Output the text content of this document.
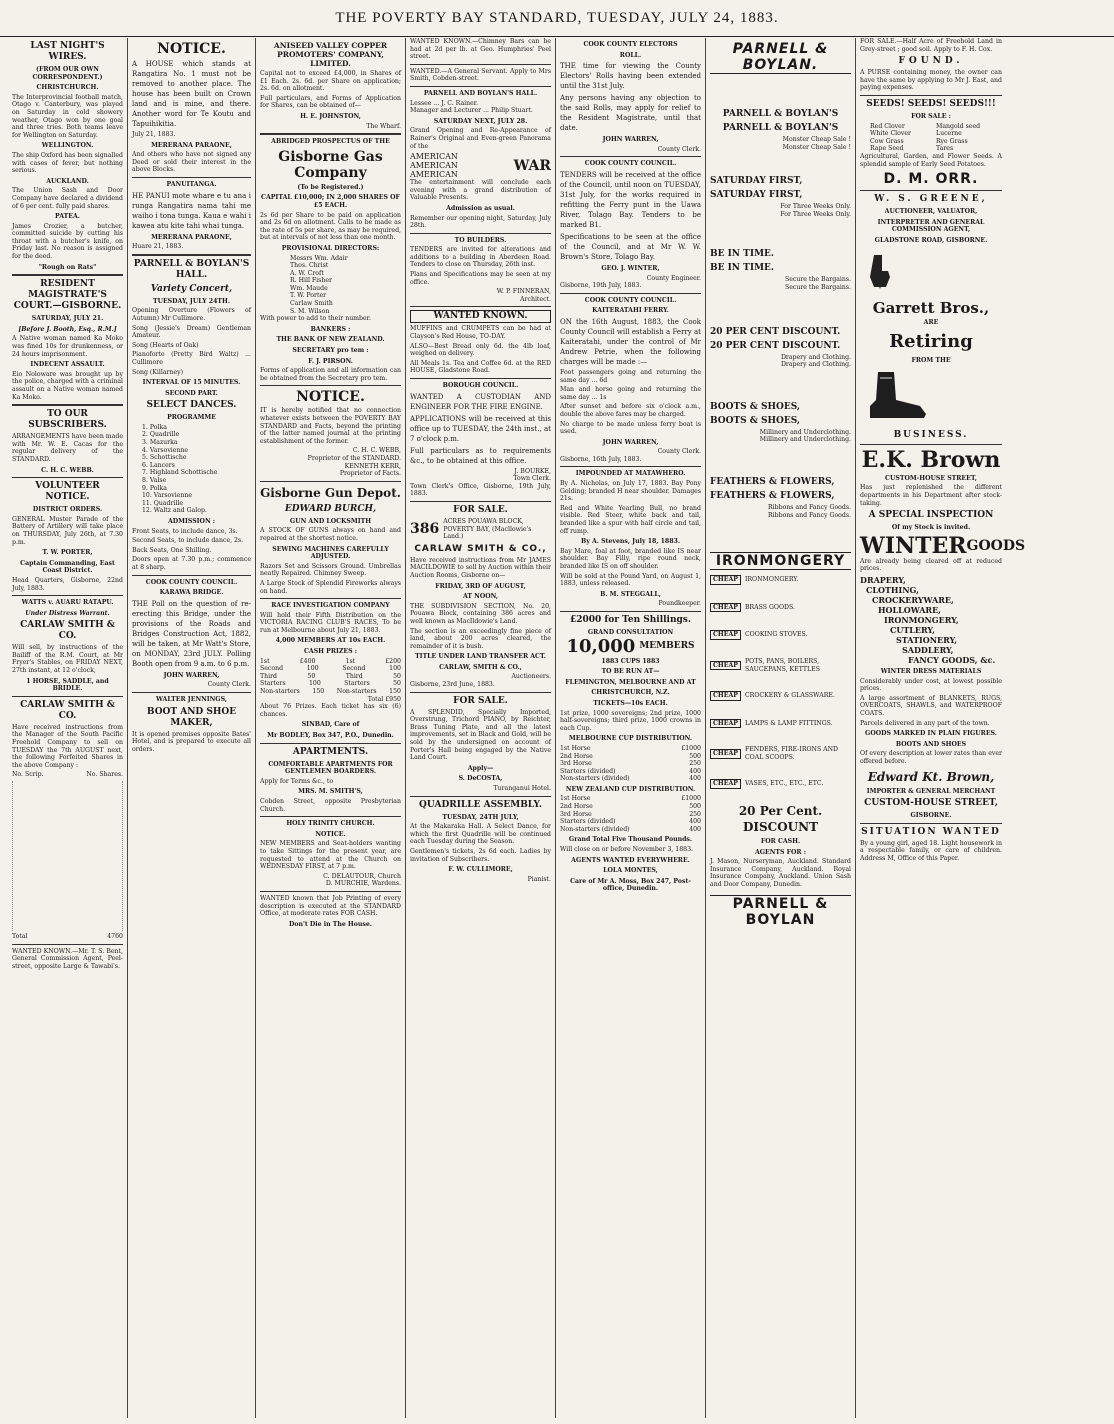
THE POVERTY BAY STANDARD, TUESDAY, JULY 24, 1883.
LAST NIGHT'S WIRES.
(FROM OUR OWN CORRESPONDENT.)
CHRISTCHURCH.

The Interprovincial football match, Otago v. Canterbury, was played on Saturday in cold showery weather, Otago won by one goal and three tries. Both teams leave for Wellington on Saturday.

WELLINGTON.

The ship Oxford has been signalled with cases of fever, but nothing serious.

AUCKLAND.

The Union Sash and Door Company have declared a dividend of 6 per cent. fully paid shares.

PATEA.

James Crozier, a butcher, committed suicide by cutting his throat with a butcher's knife, on Friday last. No reason is assigned for the deed.

"Rough on Rats"
RESIDENT MAGISTRATE'S COURT.—GISBORNE.
SATURDAY, JULY 21.
[Before J. Booth, Esq., R.M.]

A Native woman named Ka Moko was fined 10s for drunkenness, or 24 hours imprisonment.

INDECENT ASSAULT.

Eio Noloware was brought up by the police, charged with a criminal assault on a Native woman named Ka Moko.

TO OUR SUBSCRIBERS.

ARRANGEMENTS have been made with Mr. W. E. Cacas for the regular delivery of the STANDARD.

C. H. C. WEBB.
VOLUNTEER NOTICE.
DISTRICT ORDERS.

GENERAL Muster Parade of the Battery of Artillery will take place on THURSDAY, July 26th, at 7.30 p.m.

T. W. PORTER,
Captain Commanding, East Coast District.

Head Quarters, Gisborne, 22nd July, 1883.

WATTS v. AUARU RATAPU.
Under Distress Warrant.
CARLAW SMITH & CO.

Will sell, by instructions of the Bailiff of the R.M. Court, at Mr Fryer's Stables, on FRIDAY NEXT, 27th instant, at 12 o'clock,

1 HORSE, SADDLE, and BRIDLE.
CARLAW SMITH & CO.

Have received instructions from the Manager of the South Pacific Freehold Company to sell on TUESDAY the 7th AUGUST next, the following Forfeited Shares in the above Company :

No. Scrip.	No. Shares.
Total	4760

WANTED KNOWN.—Mr. T. S. Bent, General Commission Agent, Peel-street, opposite Large & Tawabi's.

NOTICE.

A HOUSE which stands at Rangatira No. 1 must not be removed to another place. The house has been built on Crown land and is mine, and there. Another word for Te Koutu and Tapuihikitia.

July 21, 1883.
MERERANA PARAONE,

And others who have not signed any Deed or sold their interest in the above Blocks.

PANUITANGA.

HE PANUI mote whare e tu ana i runga Rangatira nama tahi me waiho i tona tunga. Kaua e wahi i kawea atu kite tahi whai tunga.

MERERANA PARAONE,
Huare 21, 1883.
PARNELL & BOYLAN'S HALL.
Variety Concert,
TUESDAY, JULY 24TH.

Opening Overture (Flowers of Autumn) Mr Cullimore.

Song (Jessie's Dream) Gentleman Amateur.

Song (Hearts of Oak)

Pianoforte (Pretty Bird Waltz) ... Cullimore

Song (Killarney)

INTERVAL OF 15 MINUTES.
SECOND PART.
SELECT DANCES.
PROGRAMME
1. Polka
2. Quadrille
3. Mazurka
4. Varsovienne
5. Schottische
6. Lancers
7. Highland Schottische
8. Valse
9. Polka
10. Varsovienne
11. Quadrille
12. Waltz and Galop.
ADMISSION :

Front Seats, to include dance, 3s.

Second Seats, to include dance, 2s.

Back Seats, One Shilling.

Doors open at 7.30 p.m.; commence at 8 sharp.

COOK COUNTY COUNCIL.
KARAWA BRIDGE.

THE Poll on the question of re-erecting this Bridge, under the provisions of the Roads and Bridges Construction Act, 1882, will be taken, at Mr Watt's Store, on MONDAY, 23rd JULY. Polling Booth open from 9 a.m. to 6 p.m.

JOHN WARREN,
County Clerk.
WALTER JENNINGS,
BOOT AND SHOE MAKER,

It is opened premises opposite Bates' Hotel, and is prepared to execute all orders.

ANISEED VALLEY COPPER PROMOTERS' COMPANY, LIMITED.

Capital not to exceed £4,000, in Shares of £1 Each. 2s. 6d. per Share on application; 2s. 6d. on allotment.

Full particulars, and Forms of Application for Shares, can be obtained of—

H. E. JOHNSTON,
The Wharf.
ABRIDGED PROSPECTUS OF THE
Gisborne Gas Company
(To be Registered.)
CAPITAL £10,000; IN 2,000 SHARES OF £5 EACH.

2s 6d per Share to be paid on application and 2s 6d on allotment. Calls to be made as the rate of 5s per share, as may be required, but at intervals of not less than one month.

PROVISIONAL DIRECTORS:
Messrs Wm. Adair
Thos. Christ
A. W. Croft
R. Hill Fisher
Wm. Maude
T. W. Porter
Carlaw Smith
S. M. Wilson

With power to add to their number.

BANKERS :
THE BANK OF NEW ZEALAND.
SECRETARY pro tem :
F. J. PIRSON.

Forms of application and all information can be obtained from the Secretary pro tem.

NOTICE.

IT is hereby notified that no connection whatever exists between the POVERTY BAY STANDARD and Facts, beyond the printing of the latter named journal at the printing establishment of the former.

C. H. C. WEBB,
Proprietor of the STANDARD.
KENNETH KERR,
Proprietor of Facts.
Gisborne Gun Depot.
EDWARD BURCH,
GUN AND LOCKSMITH

A STOCK OF GUNS always on hand and repaired at the shortest notice.

SEWING MACHINES CAREFULLY ADJUSTED.

Razors Set and Scissors Ground. Umbrellas neatly Repaired. Chimney Sweep.

A Large Stock of Splendid Fireworks always on hand.

RACE INVESTIGATION COMPANY

Will hold their Fifth Distribution on the VICTORIA RACING CLUB'S RACES, To be run at Melbourne about July 21, 1883.

4,000 MEMBERS AT 10s EACH.
CASH PRIZES :
1st	£400	1st	£200
Second	100	Second	100
Third	50	Third	50
Starters	100	Starters	50
Non-starters 150 Non-starters 150
Total £950

About 76 Prizes. Each ticket has six (6) chances.

SINBAD, Care of
Mr BODLEY, Box 347, P.O., Dunedin.
APARTMENTS.
COMFORTABLE APARTMENTS FOR GENTLEMEN BOARDERS.

Apply for Terms &c., to

MRS. M. SMITH'S,

Cobden Street, opposite Presbyterian Church.

HOLY TRINITY CHURCH.
NOTICE.

NEW MEMBERS and Seat-holders wanting to take Sittings for the present year, are requested to attend at the Church on WEDNESDAY FIRST, at 7 p.m.

C. DELAUTOUR, Church
D. MURCHIE, Wardens.

WANTED known that Job Printing of every description is executed at the STANDARD Office, at moderate rates FOR CASH.

Don't Die in The House.

WANTED KNOWN.—Chimney Bars can be had at 2d per lb. at Geo. Humphries' Peel street.

WANTED.—A General Servant. Apply to Mrs Smith, Cobden-street.

PARNELL AND BOYLAN'S HALL.
Lessee ... J. C. Rainer.
Manager and Lecturer ... Philip Stuart.
SATURDAY NEXT, JULY 28.

Grand Opening and Re-Appearance of Rainer's Original and Even-green Panorama of the

AMERICAN
AMERICAN
AMERICAN
WAR

The entertainment will conclude each evening with a grand distribution of Valuable Presents.

Admission as usual.

Remember our opening night, Saturday, July 28th.

TO BUILDERS.

TENDERS are invited for alterations and additions to a building in Aberdeen Road. Tenders to close on Thursday, 26th inst.

Plans and Specifications may be seen at my office.

W. P. FINNERAN,
Architect.
WANTED KNOWN.

MUFFINS and CRUMPETS can be had at Clayson's Red House, TO-DAY.

ALSO—Best Bread only 6d. the 4lb loaf, weighed on delivery.

All Meals 1s. Tea and Coffee 6d. at the RED HOUSE, Gladstone Road.

BOROUGH COUNCIL.

WANTED A CUSTODIAN AND ENGINEER FOR THE FIRE ENGINE.

APPLICATIONS will be received at this office up to TUESDAY, the 24th inst., at 7 o'clock p.m.

Full particulars as to requirements &c., to be obtained at this office.

J. BOURKE,
Town Clerk.

Town Clerk's Office, Gisborne, 19th July, 1883.

FOR SALE.
386 ACRES POUAWA BLOCK, POVERTY BAY, (Macllowie's Land.)
CARLAW SMITH & CO.,

Have received instructions from Mr JAMES MACILDOWIE to sell by Auction within their Auction Rooms, Gisborne on—

FRIDAY, 3RD OF AUGUST,
AT NOON,

THE SUBDIVISION SECTION, No. 20, Pouawa Block, containing 386 acres and well known as MacIldowie's Land.

The section is an exceedingly fine piece of land, about 200 acres cleared, the remainder of it is bush.

TITLE UNDER LAND TRANSFER ACT.
CARLAW, SMITH & CO.,
Auctioneers.
Gisborne, 23rd June, 1883.
FOR SALE.

A SPLENDID, Specially Imported, Overstrung, Trichord PIANO, by Reichter, Brass Tuning Plate, and all the latest improvements, set in Black and Gold, will be sold by the undersigned on account of Porter's Hall being engaged by the Native Land Court.

Apply—
S. DeCOSTA,
Turanganui Hotel.
QUADRILLE ASSEMBLY.
TUESDAY, 24TH JULY,

At the Makaraka Hall. A Select Dance, for which the first Quadrille will be continued each Tuesday during the Season.

Gentlemen's tickets, 2s 6d each. Ladies by invitation of Subscribers.

F. W. CULLIMORE,
Pianist.
COOK COUNTY ELECTORS
ROLL.

THE time for viewing the County Electors' Rolls having been extended until the 31st July.

Any persons having any objection to the said Rolls, may apply for relief to the Resident Magistrate, until that date.

JOHN WARREN,
County Clerk.
COOK COUNTY COUNCIL.

TENDERS will be received at the office of the Council, until noon on TUESDAY, 31st July, for the works required in refitting the Ferry punt in the Uawa River, Tolago Bay. Tenders to be marked B1.

Specifications to be seen at the office of the Council, and at Mr W. W. Brown's Store, Tolago Bay.

GEO. J. WINTER,
County Engineer.
Gisborne, 19th July, 1883.
COOK COUNTY COUNCIL.
KAITERATAHI FERRY.

ON the 16th August, 1883, the Cook County Council will establish a Ferry at Kaiteratahi, under the control of Mr Andrew Petrie, when the following charges will be made :—

Foot passengers going and returning the same day ... 6d

Man and horse going and returning the same day ... 1s

After sunset and before six o'clock a.m., double the above fares may be charged.

No charge to be made unless ferry boat is used.

JOHN WARREN,
County Clerk.
Gisborne, 16th July, 1883.
IMPOUNDED AT MATAWHERO.

By A. Nicholas, on July 17, 1883. Bay Pony Gelding; branded H near shoulder. Damages 21s.

Red and White Yearling Bull, no brand visible. Red Steer, white back and tail, branded like a spur with half circle and tail, off rump.

By A. Stevens, July 18, 1883.

Bay Mare, foal at foot, branded like IS near shoulder. Bay Filly, ripe round neck, branded like IS on off shoulder.

Will be sold at the Pound Yard, on August 1, 1883, unless released.

B. M. STEGGALL,
Poundkeeper.
£2000 for Ten Shillings.
GRAND CONSULTATION
10,000 MEMBERS
1883 CUPS 1883
TO BE RUN AT—
FLEMINGTON, MELBOURNE AND AT
CHRISTCHURCH, N.Z.
TICKETS—10s EACH.

1st prize, 1000 sovereigns; 2nd prize, 1000 half-sovereigns; third prize, 1000 crowns in each Cup.

MELBOURNE CUP DISTRIBUTION.
1st Horse	£1000
2nd Horse	500
3rd Horse	250
Starters (divided)	400
Non-starters (divided)	400
NEW ZEALAND CUP DISTRIBUTION.
1st Horse	£1000
2nd Horse	500
3rd Horse	250
Starters (divided)	400
Non-starters (divided)	400
Grand Total Five Thousand Pounds.

Will close on or before November 3, 1883.

AGENTS WANTED EVERYWHERE.
LOLA MONTES,
Care of Mr A. Moss, Box 247, Post-office, Dunedin.
PARNELL & BOYLAN.
PARNELL & BOYLAN'S
PARNELL & BOYLAN'S
Monster Cheap Sale !
Monster Cheap Sale !
SATURDAY FIRST,
SATURDAY FIRST,
For Three Weeks Only.
For Three Weeks Only.
BE IN TIME.
BE IN TIME.
Secure the Bargains.
Secure the Bargains.
20 PER CENT DISCOUNT.
20 PER CENT DISCOUNT.
Drapery and Clothing.
Drapery and Clothing.
BOOTS & SHOES,
BOOTS & SHOES,
Millinery and Underclothing.
Millinery and Underclothing.
FEATHERS & FLOWERS,
FEATHERS & FLOWERS,
Ribbons and Fancy Goods.
Ribbons and Fancy Goods.
IRONMONGERY
CHEAP	IRONMONGERY.
CHEAP	BRASS GOODS.
CHEAP	COOKING STOVES.
CHEAP
POTS, PANS, BOILERS, SAUCEPANS, KETTLES
CHEAP	CROCKERY & GLASSWARE.
CHEAP	LAMPS & LAMP FITTINGS.
CHEAP
FENDERS, FIRE-IRONS AND COAL SCOOPS.
CHEAP	VASES, ETC., ETC., ETC.
20 Per Cent. DISCOUNT
FOR CASH.
AGENTS FOR :

J. Mason, Nurseryman, Auckland. Standard Insurance Company, Auckland. Royal Insurance Company, Auckland. Union Sash and Door Company, Dunedin.

PARNELL & BOYLAN

FOR SALE.—Half Acre of Freehold Land in Grey-street ; good soil. Apply to F. H. Cox.

FOUND.

A PURSE containing money, the owner can have the same by applying to Mr J. East, and paying expenses.

SEEDS! SEEDS! SEEDS!!!
FOR SALE :
Red Clover	Mangold seed
White Clover	Lucerne
Cow Grass	Rye Grass
Rape Seed	Tares

Agricultural, Garden, and Flower Seeds. A splendid sample of Early Seed Potatoes.

D. M. ORR.
W. S. GREENE,
AUCTIONEER, VALUATOR,
INTERPRETER AND GENERAL COMMISSION AGENT,
GLADSTONE ROAD, GISBORNE.
Garrett Bros.,
ARE
Retiring
FROM THE
BUSINESS.
E.K. Brown
CUSTOM-HOUSE STREET,

Has just replenished the different departments in his Department after stock-taking.

A SPECIAL INSPECTION
Of my Stock is invited.
WINTER GOODS

Are already being cleared off at reduced prices.

DRAPERY,
CLOTHING,
CROCKERYWARE,
HOLLOWARE,
IRONMONGERY,
CUTLERY,
STATIONERY,
SADDLERY,
FANCY GOODS, &c.
WINTER DRESS MATERIALS

Considerably under cost, at lowest possible prices.

A large assortment of BLANKETS, RUGS, OVERCOATS, SHAWLS, and WATERPROOF COATS.

Parcels delivered in any part of the town.

GOODS MARKED IN PLAIN FIGURES.
BOOTS AND SHOES

Of every description at lower rates than ever offered before.

Edward Kt. Brown,
IMPORTER & GENERAL MERCHANT
CUSTOM-HOUSE STREET,
GISBORNE.
SITUATION WANTED

By a young girl, aged 18. Light housework in a respectable family, or care of children. Address M, Office of this Paper.
